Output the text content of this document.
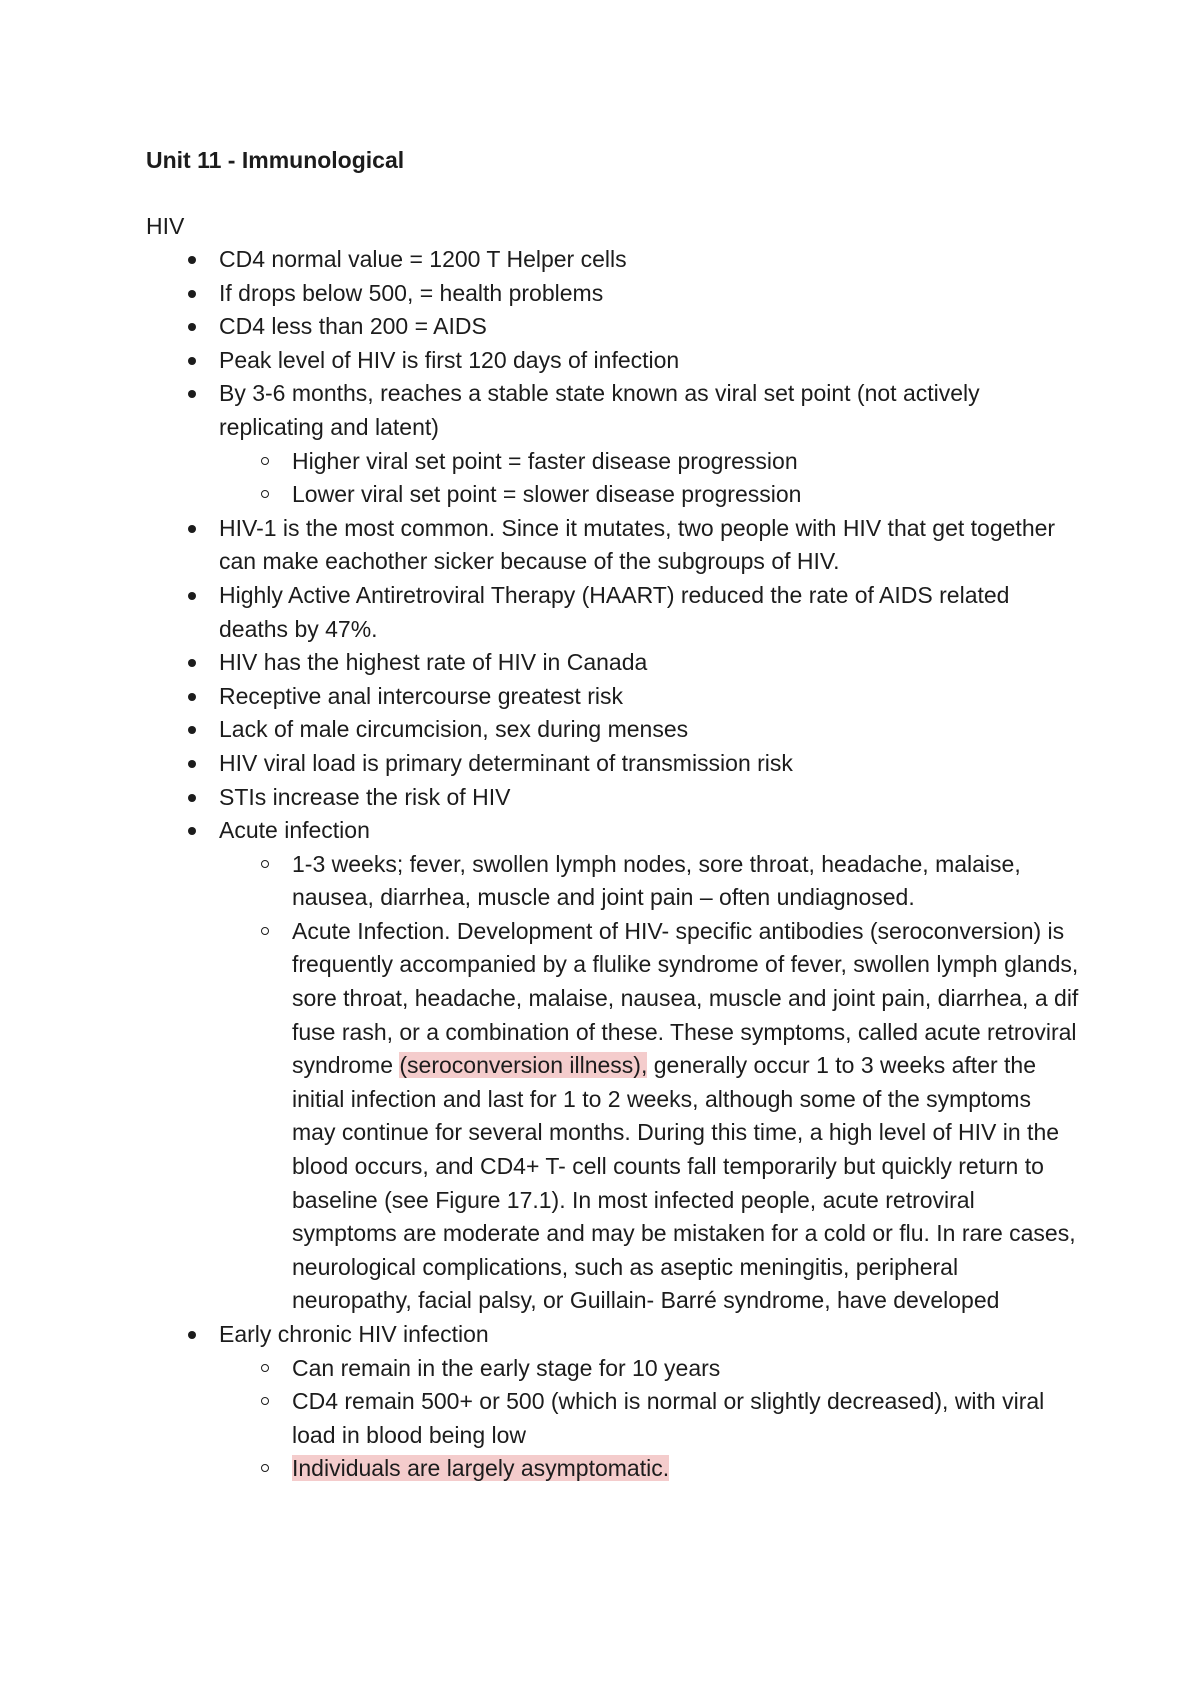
Unit 11 - Immunological

HIV

CD4 normal value = 1200 T Helper cells
If drops below 500, = health problems
CD4 less than 200 = AIDS
Peak level of HIV is first 120 days of infection
By 3-6 months, reaches a stable state known as viral set point (not actively replicating and latent)
Higher viral set point = faster disease progression
Lower viral set point = slower disease progression
HIV-1 is the most common. Since it mutates, two people with HIV that get together can make eachother sicker because of the subgroups of HIV.
Highly Active Antiretroviral Therapy (HAART) reduced the rate of AIDS related deaths by 47%.
HIV has the highest rate of HIV in Canada
Receptive anal intercourse greatest risk
Lack of male circumcision, sex during menses
HIV viral load is primary determinant of transmission risk
STIs increase the risk of HIV
Acute infection
1-3 weeks; fever, swollen lymph nodes, sore throat, headache, malaise, nausea, diarrhea, muscle and joint pain – often undiagnosed.
Acute Infection. Development of HIV- specific antibodies (seroconversion) is frequently accompanied by a flulike syndrome of fever, swollen lymph glands, sore throat, headache, malaise, nausea, muscle and joint pain, diarrhea, a dif fuse rash, or a combination of these. These symptoms, called acute retroviral syndrome (seroconversion illness), generally occur 1 to 3 weeks after the initial infection and last for 1 to 2 weeks, although some of the symptoms may continue for several months. During this time, a high level of HIV in the blood occurs, and CD4+ T- cell counts fall temporarily but quickly return to baseline (see Figure 17.1). In most infected people, acute retroviral symptoms are moderate and may be mistaken for a cold or flu. In rare cases, neurological complications, such as aseptic meningitis, peripheral neuropathy, facial palsy, or Guillain- Barré syndrome, have developed
Early chronic HIV infection
Can remain in the early stage for 10 years
CD4 remain 500+ or 500 (which is normal or slightly decreased), with viral load in blood being low
Individuals are largely asymptomatic.
